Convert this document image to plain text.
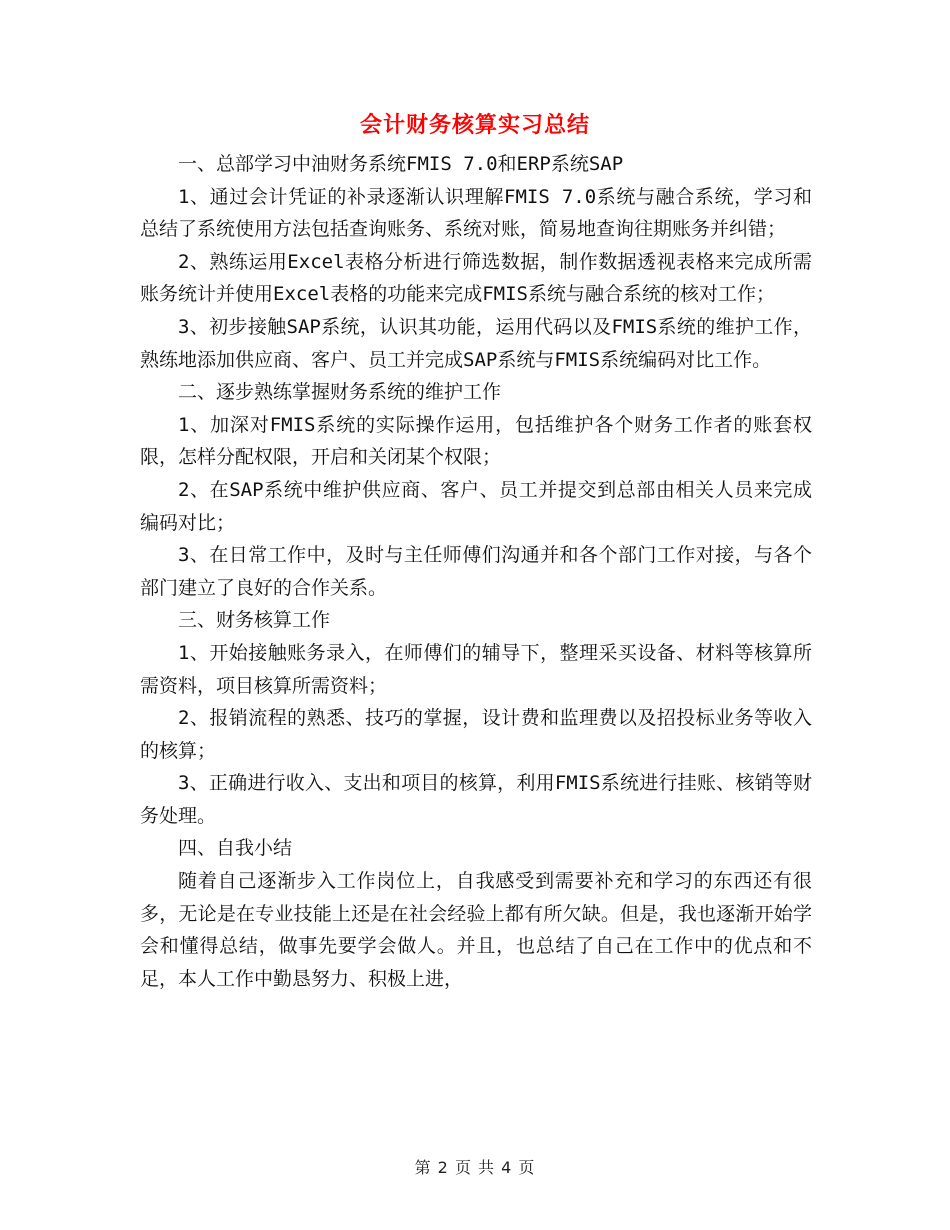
会计财务核算实习总结

一、总部学习中油财务系统FMIS 7.0和ERP系统SAP

1、通过会计凭证的补录逐渐认识理解FMIS 7.0系统与融合系统，学习和总结了系统使用方法包括查询账务、系统对账，简易地查询往期账务并纠错；

2、熟练运用Excel表格分析进行筛选数据，制作数据透视表格来完成所需账务统计并使用Excel表格的功能来完成FMIS系统与融合系统的核对工作；

3、初步接触SAP系统，认识其功能，运用代码以及FMIS系统的维护工作，熟练地添加供应商、客户、员工并完成SAP系统与FMIS系统编码对比工作。

二、逐步熟练掌握财务系统的维护工作

1、加深对FMIS系统的实际操作运用，包括维护各个财务工作者的账套权限，怎样分配权限，开启和关闭某个权限；

2、在SAP系统中维护供应商、客户、员工并提交到总部由相关人员来完成编码对比；

3、在日常工作中，及时与主任师傅们沟通并和各个部门工作对接，与各个部门建立了良好的合作关系。

三、财务核算工作

1、开始接触账务录入，在师傅们的辅导下，整理采买设备、材料等核算所需资料，项目核算所需资料；

2、报销流程的熟悉、技巧的掌握，设计费和监理费以及招投标业务等收入的核算；

3、正确进行收入、支出和项目的核算，利用FMIS系统进行挂账、核销等财务处理。

四、自我小结

随着自己逐渐步入工作岗位上，自我感受到需要补充和学习的东西还有很多，无论是在专业技能上还是在社会经验上都有所欠缺。但是，我也逐渐开始学会和懂得总结，做事先要学会做人。并且，也总结了自己在工作中的优点和不足，本人工作中勤恳努力、积极上进，

第 2 页 共 4 页
